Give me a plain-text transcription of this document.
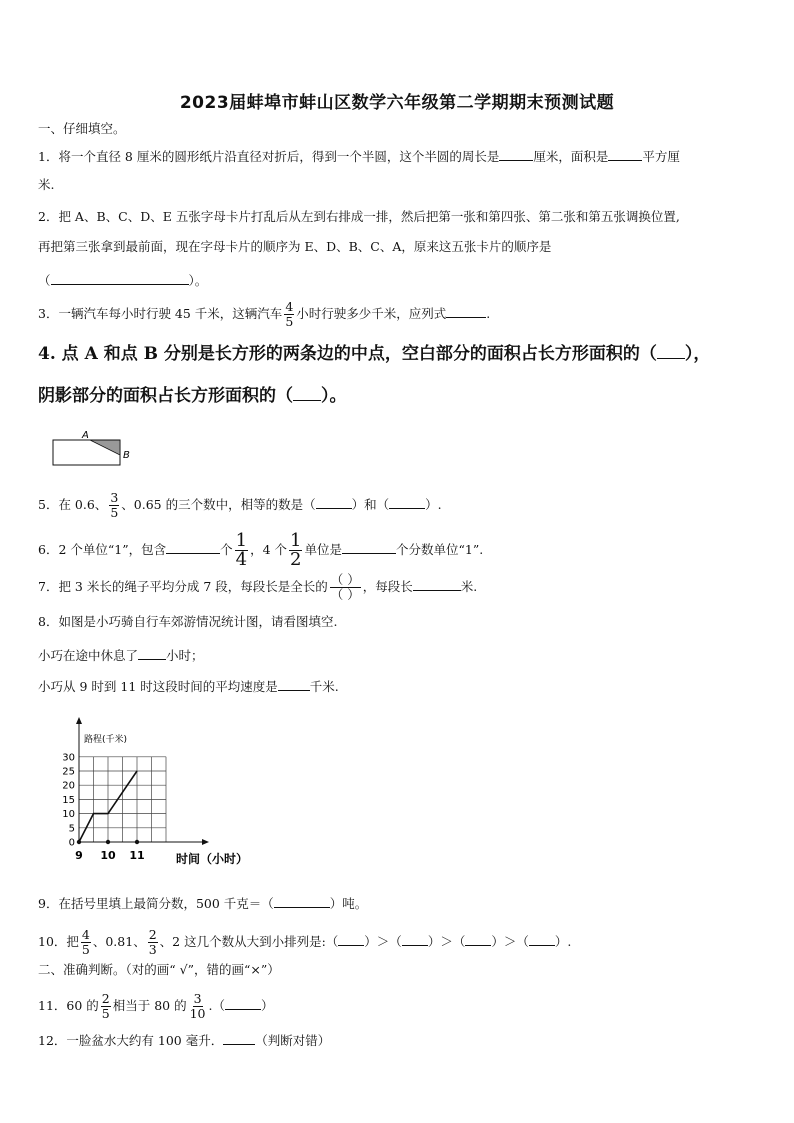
2023届蚌埠市蚌山区数学六年级第二学期期末预测试题
一、仔细填空。
1．将一个直径 8 厘米的圆形纸片沿直径对折后，得到一个半圆，这个半圆的周长是	厘米，面积是	平方厘
米.
2．把 A、B、C、D、E 五张字母卡片打乱后从左到右排成一排，然后把第一张和第四张、第二张和第五张调换位置,
再把第三张拿到最前面，现在字母卡片的顺序为 E、D、B、C、A，原来这五张卡片的顺序是
（	）。
3．一辆汽车每小时行驶 45 千米，这辆汽车 $\frac{4}{5}$ 小时行驶多少千米，应列式	.
4. 点 A 和点 B 分别是长方形的两条边的中点，空白部分的面积占长方形面积的（ ），
阴影部分的面积占长方形面积的（ ）。
A
B
5．在 0.6、 $\frac{3}{5}$ 、0.65 的三个数中，相等的数是（	）和（	）.
6．2 个单位“1”，包含	个 $\frac{1}{4}$ ，4 个 $\frac{1}{2}$ 单位是	个分数单位“1”.
7．把 3 米长的绳子平均分成 7 段，每段长是全长的 $\frac{( )}{( )}$ ，每段长	米.
8．如图是小巧骑自行车郊游情况统计图，请看图填空.
小巧在途中休息了 小时；
小巧从 9 时到 11 时这段时间的平均速度是	千米.
0
5
10
15
20
25
30
9 10 11
路程(千米)
时间（小时）
9．在括号里填上最简分数，500 千克＝（	）吨。
10．把 $\frac{4}{5}$ 、0.81、 $\frac{2}{3}$ 、2 这几个数从大到小排列是:（ ）＞（ ）＞（ ）＞（ ）.
二、准确判断。（对的画“ √”，错的画“×”）
11．60 的 $\frac{2}{5}$ 相当于 80 的 $\frac{3}{10}$ .（	）
12．一脸盆水大约有 100 毫升．	（判断对错）
